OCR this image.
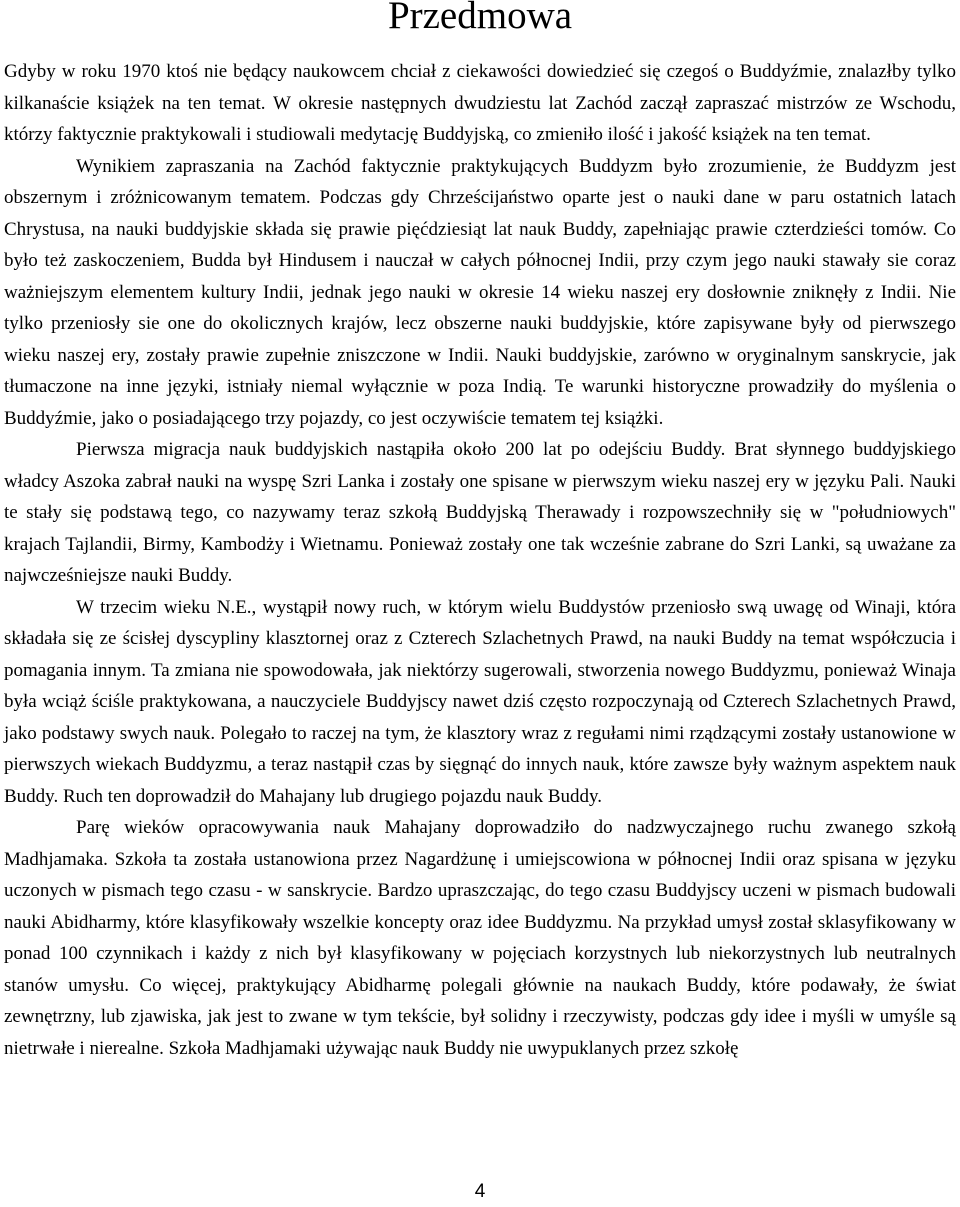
Przedmowa

Gdyby w roku 1970 ktoś nie będący naukowcem chciał z ciekawości dowiedzieć się czegoś o Buddyźmie, znalazłby tylko kilkanaście książek na ten temat. W okresie następnych dwudziestu lat Zachód zaczął zapraszać mistrzów ze Wschodu, którzy faktycznie praktykowali i studiowali medytację Buddyjską, co zmieniło ilość i jakość książek na ten temat.

Wynikiem zapraszania na Zachód faktycznie praktykujących Buddyzm było zrozumienie, że Buddyzm jest obszernym i zróżnicowanym tematem. Podczas gdy Chrześcijaństwo oparte jest o nauki dane w paru ostatnich latach Chrystusa, na nauki buddyjskie składa się prawie pięćdziesiąt lat nauk Buddy, zapełniając prawie czterdzieści tomów. Co było też zaskoczeniem, Budda był Hindusem i nauczał w całych północnej Indii, przy czym jego nauki stawały sie coraz ważniejszym elementem kultury Indii, jednak jego nauki w okresie 14 wieku naszej ery dosłownie zniknęły z Indii. Nie tylko przeniosły sie one do okolicznych krajów, lecz obszerne nauki buddyjskie, które zapisywane były od pierwszego wieku naszej ery, zostały prawie zupełnie zniszczone w Indii. Nauki buddyjskie, zarówno w oryginalnym sanskrycie, jak tłumaczone na inne języki, istniały niemal wyłącznie w poza Indią. Te warunki historyczne prowadziły do myślenia o Buddyźmie, jako o posiadającego trzy pojazdy, co jest oczywiście tematem tej książki.

Pierwsza migracja nauk buddyjskich nastąpiła około 200 lat po odejściu Buddy. Brat słynnego buddyjskiego władcy Aszoka zabrał nauki na wyspę Szri Lanka i zostały one spisane w pierwszym wieku naszej ery w języku Pali. Nauki te stały się podstawą tego, co nazywamy teraz szkołą Buddyjską Therawady i rozpowszechniły się w "południowych" krajach Tajlandii, Birmy, Kambodży i Wietnamu. Ponieważ zostały one tak wcześnie zabrane do Szri Lanki, są uważane za najwcześniejsze nauki Buddy.

W trzecim wieku N.E., wystąpił nowy ruch, w którym wielu Buddystów przeniosło swą uwagę od Winaji, która składała się ze ścisłej dyscypliny klasztornej oraz z Czterech Szlachetnych Prawd, na nauki Buddy na temat współczucia i pomagania innym. Ta zmiana nie spowodowała, jak niektórzy sugerowali, stworzenia nowego Buddyzmu, ponieważ Winaja była wciąż ściśle praktykowana, a nauczyciele Buddyjscy nawet dziś często rozpoczynają od Czterech Szlachetnych Prawd, jako podstawy swych nauk. Polegało to raczej na tym, że klasztory wraz z regułami nimi rządzącymi zostały ustanowione w pierwszych wiekach Buddyzmu, a teraz nastąpił czas by sięgnąć do innych nauk, które zawsze były ważnym aspektem nauk Buddy. Ruch ten doprowadził do Mahajany lub drugiego pojazdu nauk Buddy.

Parę wieków opracowywania nauk Mahajany doprowadziło do nadzwyczajnego ruchu zwanego szkołą Madhjamaka. Szkoła ta została ustanowiona przez Nagardżunę i umiejscowiona w północnej Indii oraz spisana w języku uczonych w pismach tego czasu - w sanskrycie. Bardzo upraszczając, do tego czasu Buddyjscy uczeni w pismach budowali nauki Abidharmy, które klasyfikowały wszelkie koncepty oraz idee Buddyzmu. Na przykład umysł został sklasyfikowany w ponad 100 czynnikach i każdy z nich był klasyfikowany w pojęciach korzystnych lub niekorzystnych lub neutralnych stanów umysłu. Co więcej, praktykujący Abidharmę polegali głównie na naukach Buddy, które podawały, że świat zewnętrzny, lub zjawiska, jak jest to zwane w tym tekście, był solidny i rzeczywisty, podczas gdy idee i myśli w umyśle są nietrwałe i nierealne. Szkoła Madhjamaki używając nauk Buddy nie uwypuklanych przez szkołę

4
